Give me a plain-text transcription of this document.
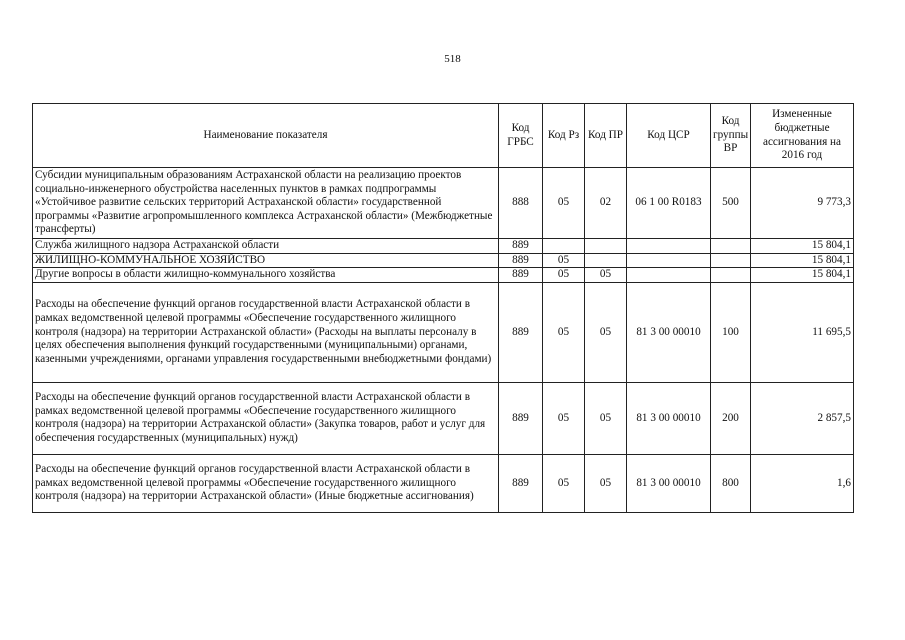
518
Наименование показателя	Код ГРБС	Код Рз	Код ПР	Код ЦСР	Код группы ВР	Измененные бюджетные ассигнования на 2016 год
Субсидии муниципальным образованиям Астраханской области на реализацию проектов социально-инженерного обустройства населенных пунктов в рамках подпрограммы «Устойчивое развитие сельских территорий Астраханской области» государственной программы «Развитие агропромышленного комплекса Астраханской области» (Межбюджетные трансферты)	888	05	02	06 1 00 R0183	500	9 773,3
Служба жилищного надзора Астраханской области	889					15 804,1
ЖИЛИЩНО-КОММУНАЛЬНОЕ ХОЗЯЙСТВО	889	05				15 804,1
Другие вопросы в области жилищно-коммунального хозяйства	889	05	05			15 804,1
Расходы на обеспечение функций органов государственной власти Астраханской области в рамках ведомственной целевой программы «Обеспечение государственного жилищного контроля (надзора) на территории Астраханской области» (Расходы на выплаты персоналу в целях обеспечения выполнения функций государственными (муниципальными) органами, казенными учреждениями, органами управления государственными внебюджетными фондами)	889	05	05	81 3 00 00010	100	11 695,5
Расходы на обеспечение функций органов государственной власти Астраханской области в рамках ведомственной целевой программы «Обеспечение государственного жилищного контроля (надзора) на территории Астраханской области» (Закупка товаров, работ и услуг для обеспечения государственных (муниципальных) нужд)	889	05	05	81 3 00 00010	200	2 857,5
Расходы на обеспечение функций органов государственной власти Астраханской области в рамках ведомственной целевой программы «Обеспечение государственного жилищного контроля (надзора) на территории Астраханской области» (Иные бюджетные ассигнования)	889	05	05	81 3 00 00010	800	1,6
